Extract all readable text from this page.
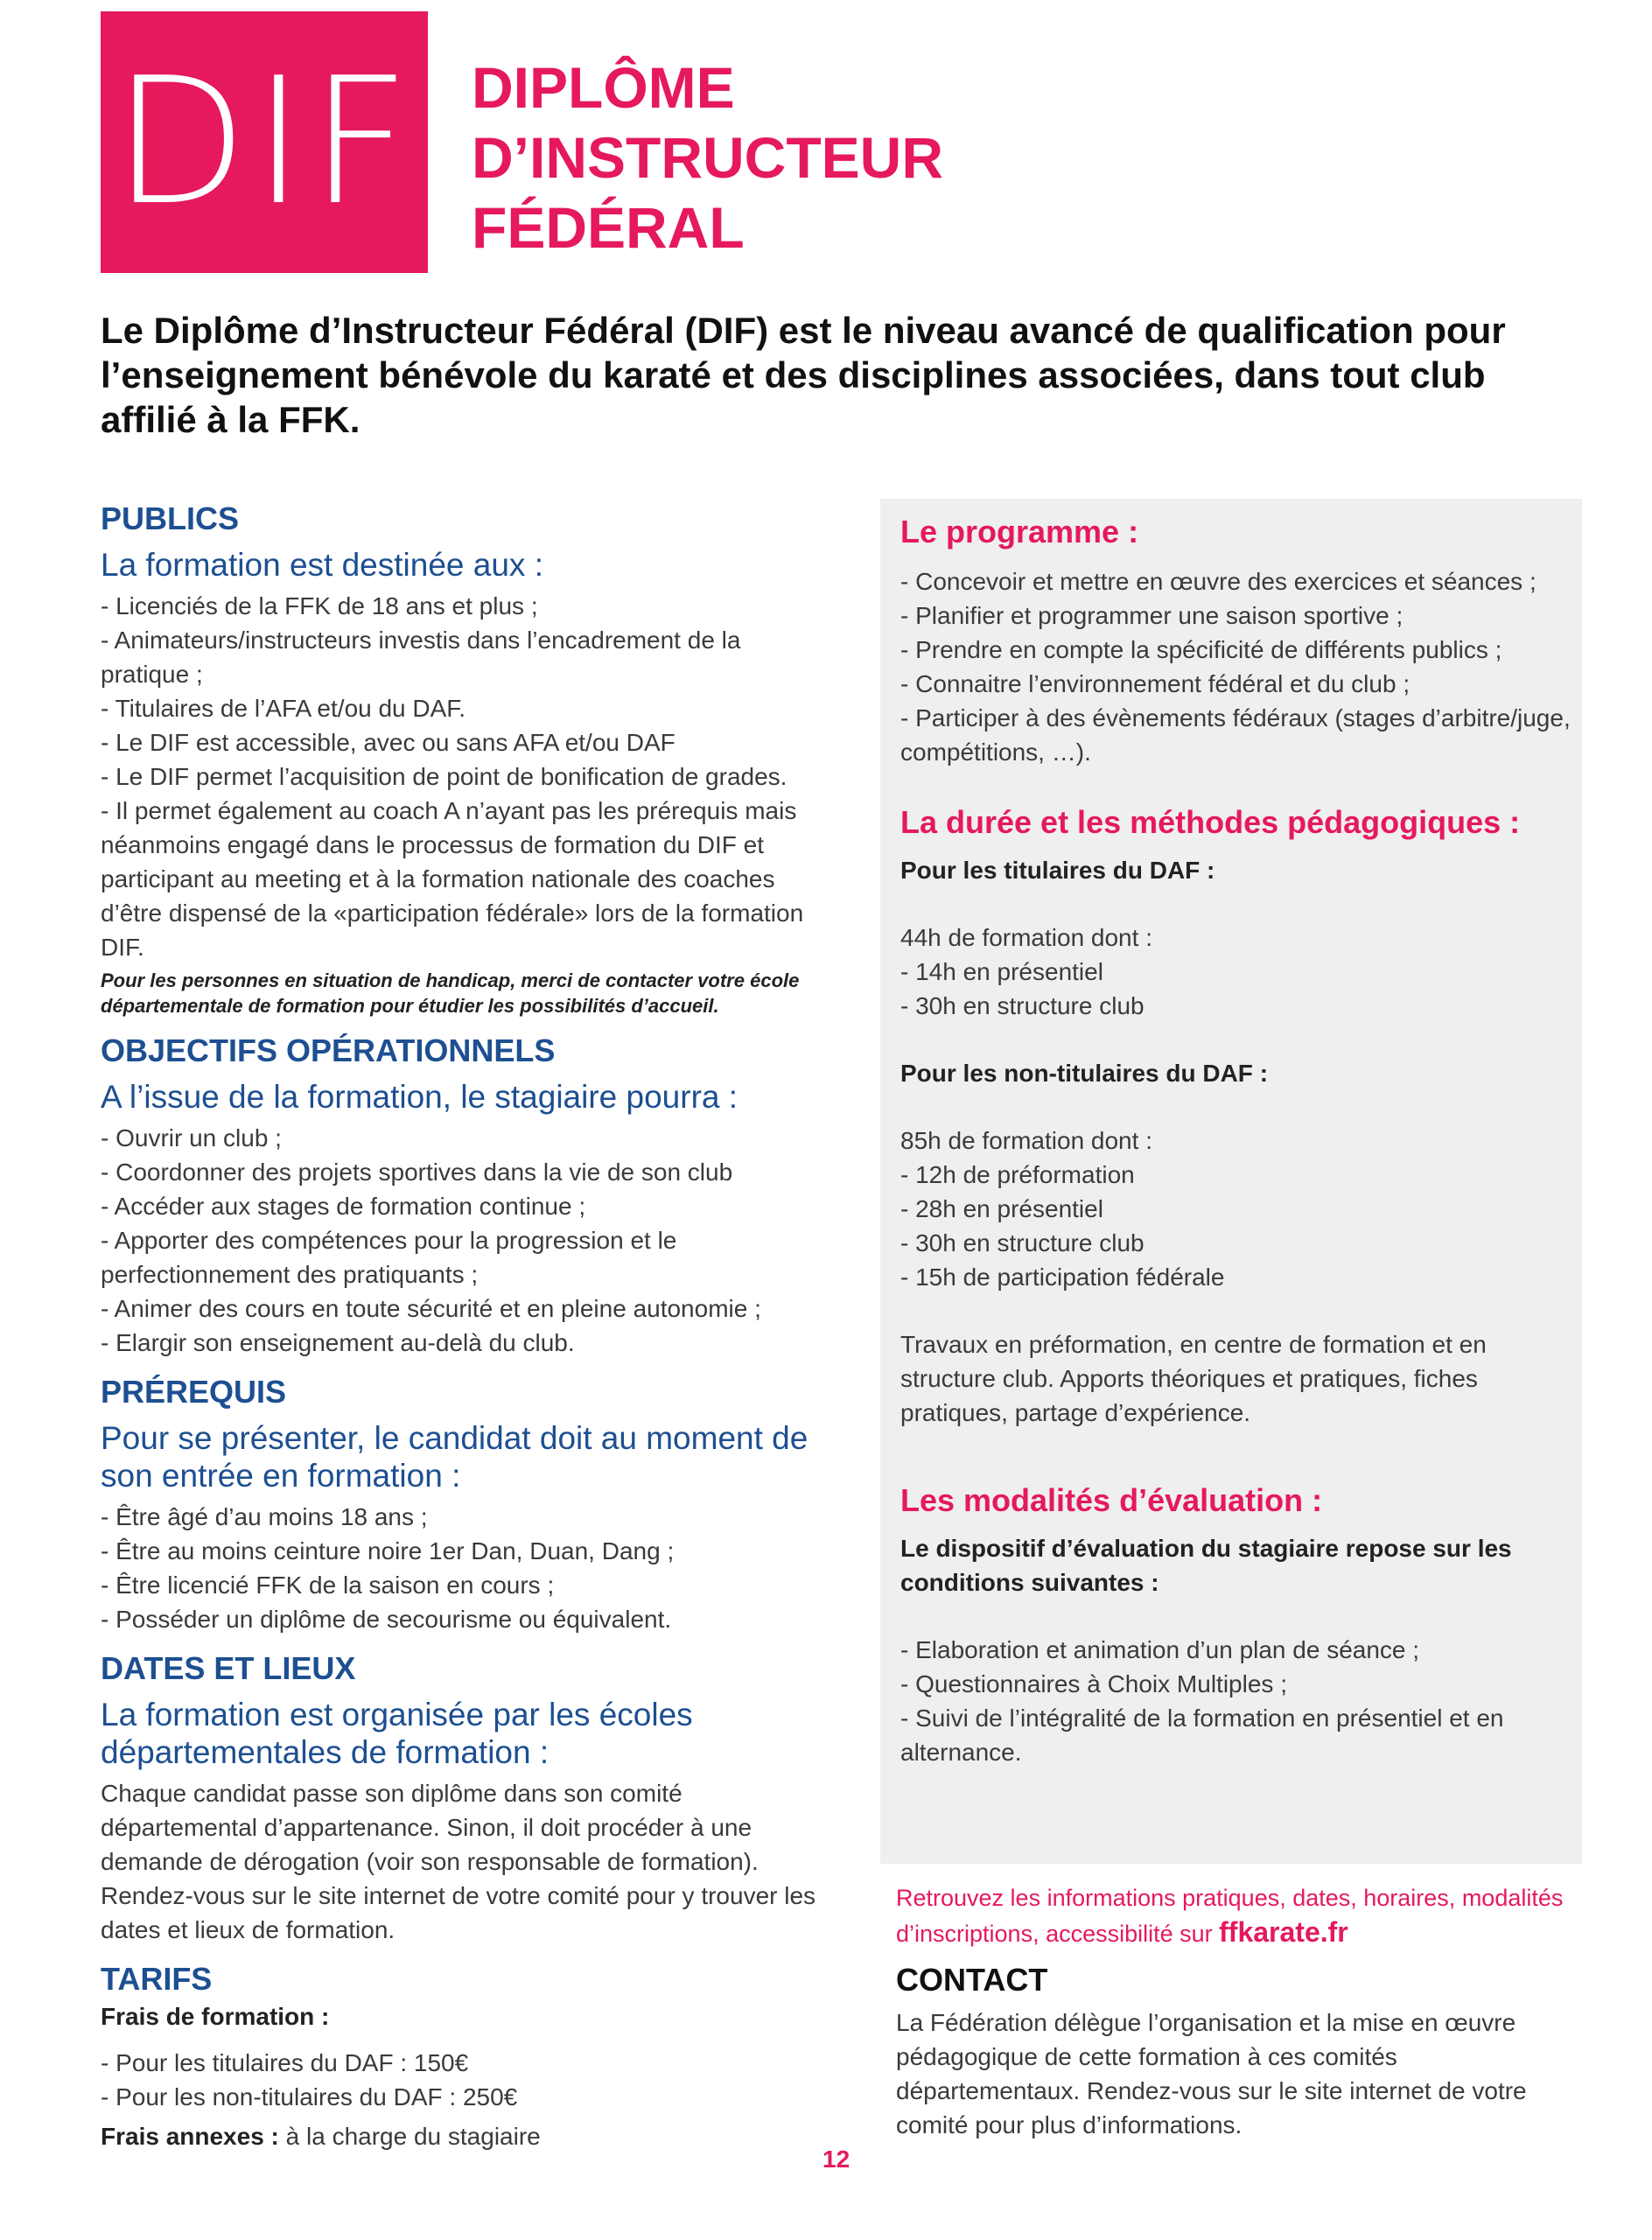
DIF DIPLÔME
D’INSTRUCTEUR
FÉDÉRAL
Le Diplôme d’Instructeur Fédéral (DIF) est le niveau avancé de qualification pour l’enseignement bénévole du karaté et des disciplines associées, dans tout club affilié à la FFK.
PUBLICS
La formation est destinée aux :
- Licenciés de la FFK de 18 ans et plus ;
- Animateurs/instructeurs investis dans l’encadrement de la pratique ;
- Titulaires de l’AFA et/ou du DAF.
- Le DIF est accessible, avec ou sans AFA et/ou DAF
- Le DIF permet l’acquisition de point de bonification de grades.
- Il permet également au coach A n’ayant pas les prérequis mais néanmoins engagé dans le processus de formation du DIF et participant au meeting et à la formation nationale des coaches d’être dispensé de la «participation fédérale» lors de la formation DIF.
Pour les personnes en situation de handicap, merci de contacter votre école départementale de formation pour étudier les possibilités d’accueil.
OBJECTIFS OPÉRATIONNELS
A l’issue de la formation, le stagiaire pourra :
- Ouvrir un club ;
- Coordonner des projets sportives dans la vie de son club
- Accéder aux stages de formation continue ;
- Apporter des compétences pour la progression et le perfectionnement des pratiquants ;
- Animer des cours en toute sécurité et en pleine autonomie ;
- Elargir son enseignement au-delà du club.
PRÉREQUIS
Pour se présenter, le candidat doit au moment de son entrée en formation :
- Être âgé d’au moins 18 ans ;
- Être au moins ceinture noire 1er Dan, Duan, Dang ;
- Être licencié FFK de la saison en cours ;
- Posséder un diplôme de secourisme ou équivalent.
DATES ET LIEUX
La formation est organisée par les écoles départementales de formation :
Chaque candidat passe son diplôme dans son comité départemental d’appartenance. Sinon, il doit procéder à une demande de dérogation (voir son responsable de formation). Rendez-vous sur le site internet de votre comité pour y trouver les dates et lieux de formation.
TARIFS
Frais de formation :
- Pour les titulaires du DAF : 150€
- Pour les non-titulaires du DAF : 250€
Frais annexes : à la charge du stagiaire
Le programme :
- Concevoir et mettre en œuvre des exercices et séances ;
- Planifier et programmer une saison sportive ;
- Prendre en compte la spécificité de différents publics ;
- Connaitre l’environnement fédéral et du club ;
- Participer à des évènements fédéraux (stages d’arbitre/juge, compétitions, …).
La durée et les méthodes pédagogiques :
Pour les titulaires du DAF :
44h de formation dont :
- 14h en présentiel
- 30h en structure club
Pour les non-titulaires du DAF :
85h de formation dont :
- 12h de préformation
- 28h en présentiel
- 30h en structure club
- 15h de participation fédérale
Travaux en préformation, en centre de formation et en structure club. Apports théoriques et pratiques, fiches pratiques, partage d’expérience.
Les modalités d’évaluation :
Le dispositif d’évaluation du stagiaire repose sur les conditions suivantes :
- Elaboration et animation d’un plan de séance ;
- Questionnaires à Choix Multiples ;
- Suivi de l’intégralité de la formation en présentiel et en alternance.
Retrouvez les informations pratiques, dates, horaires, modalités d’inscriptions, accessibilité sur ffkarate.fr
CONTACT
La Fédération délègue l’organisation et la mise en œuvre pédagogique de cette formation à ces comités départementaux. Rendez-vous sur le site internet de votre comité pour plus d’informations.
12
